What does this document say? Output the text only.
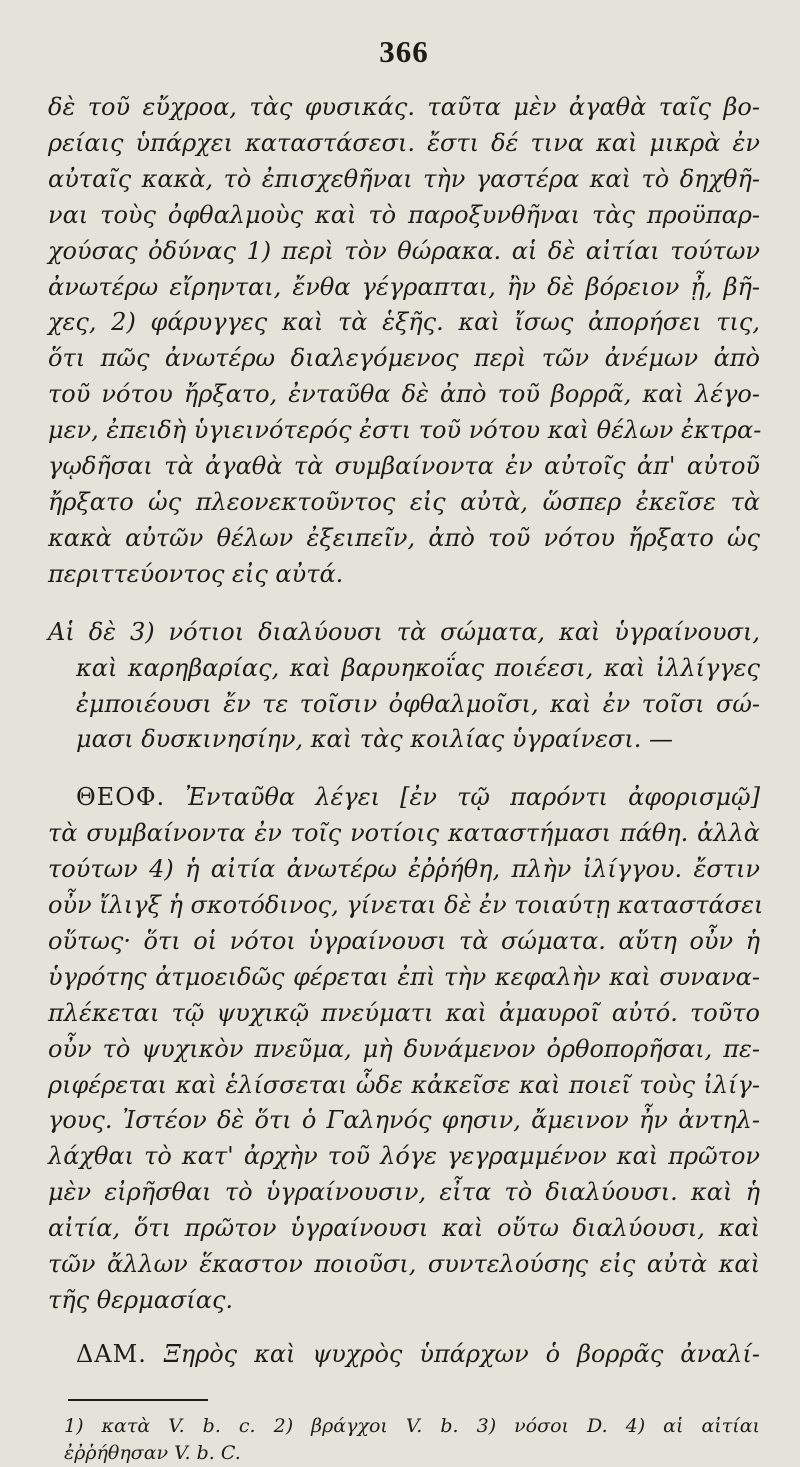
366
δὲ τοῦ εὔχροα, τὰς φυσικάς. ταῦτα μὲν ἀγαθὰ ταῖς βο-
ρείαις ὑπάρχει καταστάσεσι. ἔστι δέ τινα καὶ μικρὰ ἐν
αὐταῖς κακὰ, τὸ ἐπισχεθῆναι τὴν γαστέρα καὶ τὸ δηχθῆ-
ναι τοὺς ὀφθαλμοὺς καὶ τὸ παροξυνθῆναι τὰς προϋπαρ-
χούσας ὀδύνας 1) περὶ τὸν θώρακα. αἱ δὲ αἰτίαι τούτων
ἀνωτέρω εἴρηνται, ἔνθα γέγραπται, ἢν δὲ βόρειον ᾖ, βῆ-
χες, 2) φάρυγγες καὶ τὰ ἑξῆς. καὶ ἴσως ἀπορήσει τις,
ὅτι πῶς ἀνωτέρω διαλεγόμενος περὶ τῶν ἀνέμων ἀπὸ
τοῦ νότου ἤρξατο, ἐνταῦθα δὲ ἀπὸ τοῦ βορρᾶ, καὶ λέγο-
μεν, ἐπειδὴ ὑγιεινότερός ἐστι τοῦ νότου καὶ θέλων ἐκτρα-
γῳδῆσαι τὰ ἀγαθὰ τὰ συμβαίνοντα ἐν αὐτοῖς ἀπ' αὐτοῦ
ἤρξατο ὡς πλεονεκτοῦντος εἰς αὐτὰ, ὥσπερ ἐκεῖσε τὰ
κακὰ αὐτῶν θέλων ἐξειπεῖν, ἀπὸ τοῦ νότου ἤρξατο ὡς
περιττεύοντος εἰς αὐτά.
Αἱ δὲ 3) νότιοι διαλύουσι τὰ σώματα, καὶ ὑγραίνουσι,
καὶ καρηβαρίας, καὶ βαρυηκοΐας ποιέεσι, καὶ ἰλλίγγες
ἐμποιέουσι ἔν τε τοῖσιν ὀφθαλμοῖσι, καὶ ἐν τοῖσι σώ-
μασι δυσκινησίην, καὶ τὰς κοιλίας ὑγραίνεσι. —
ΘΕΟΦ. Ἐνταῦθα λέγει [ἐν τῷ παρόντι ἀφορισμῷ]
τὰ συμβαίνοντα ἐν τοῖς νοτίοις καταστήμασι πάθη. ἀλλὰ
τούτων 4) ἡ αἰτία ἀνωτέρω ἐῤῥήθη, πλὴν ἰλίγγου. ἔστιν
οὖν ἴλιγξ ἡ σκοτόδινος, γίνεται δὲ ἐν τοιαύτῃ καταστάσει
οὕτως· ὅτι οἱ νότοι ὑγραίνουσι τὰ σώματα. αὕτη οὖν ἡ
ὑγρότης ἀτμοειδῶς φέρεται ἐπὶ τὴν κεφαλὴν καὶ συνανα-
πλέκεται τῷ ψυχικῷ πνεύματι καὶ ἀμαυροῖ αὐτό. τοῦτο
οὖν τὸ ψυχικὸν πνεῦμα, μὴ δυνάμενον ὀρθοπορῆσαι, πε-
ριφέρεται καὶ ἑλίσσεται ὧδε κἀκεῖσε καὶ ποιεῖ τοὺς ἰλίγ-
γους. Ἰστέον δὲ ὅτι ὁ Γαληνός φησιν, ἄμεινον ἦν ἀντηλ-
λάχθαι τὸ κατ' ἀρχὴν τοῦ λόγε γεγραμμένον καὶ πρῶτον
μὲν εἰρῆσθαι τὸ ὑγραίνουσιν, εἶτα τὸ διαλύουσι. καὶ ἡ
αἰτία, ὅτι πρῶτον ὑγραίνουσι καὶ οὕτω διαλύουσι, καὶ
τῶν ἄλλων ἕκαστον ποιοῦσι, συντελούσης εἰς αὐτὰ καὶ
τῆς θερμασίας.
ΔΑΜ. Ξηρὸς καὶ ψυχρὸς ὑπάρχων ὁ βορρᾶς ἀναλί-
1) κατὰ V. b. c. 2) βράγχοι V. b. 3) νόσοι D. 4) αἱ αἰτίαι
ἐῤῥήθησαν V. b. C.
